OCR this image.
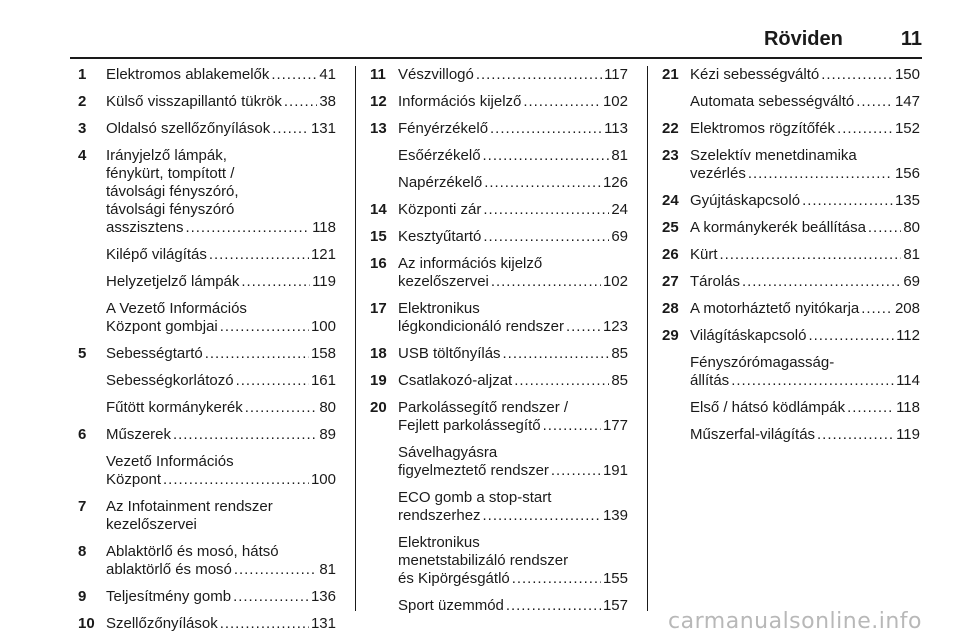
Röviden	11
1	Elektromos ablakemelők . . .	41
2	Külső visszapillantó tükrök . . . 38
3	Oldalsó szellőzőnyílások . . .	131
4	Irányjelző lámpák,
fénykürt, tompított /
távolsági fényszóró,
távolsági fényszóró
asszisztens . . .	118
Kilépő világítás . . .	121
Helyzetjelző lámpák . . .	119
A Vezető Információs
Központ gombjai . . .	100
5	Sebességtartó . . .	158
Sebességkorlátozó . . .	161
Fűtött kormánykerék . . .	80
6	Műszerek . . .	89
Vezető Információs
Központ . . .	100
7	Az Infotainment rendszer
kezelőszervei
8	Ablaktörlő és mosó, hátsó
ablaktörlő és mosó . . .	81
9	Teljesítmény gomb . . .	136
10 Szellőzőnyílások . . .	131
11 Vészvillogó . . .	117
12 Információs kijelző . . .	102
13 Fényérzékelő . . .	113
Esőérzékelő . . .	81
Napérzékelő . . .	126
14 Központi zár . . .	24
15 Kesztyűtartó . . .	69
16 Az információs kijelző
kezelőszervei . . .	102
17 Elektronikus
légkondicionáló rendszer . . .	123
18 USB töltőnyílás . . .	85
19 Csatlakozó-aljzat . . .	85
20 Parkolássegítő rendszer /
Fejlett parkolássegítő . . .	177
Sávelhagyásra
figyelmeztető rendszer . . .	191
ECO gomb a stop-start
rendszerhez . . .	139
Elektronikus
menetstabilizáló rendszer
és Kipörgésgátló . . .	155
Sport üzemmód . . .	157
21 Kézi sebességváltó . . .	150
Automata sebességváltó . . .	147
22 Elektromos rögzítőfék . . .	152
23 Szelektív menetdinamika
vezérlés . . .	156
24 Gyújtáskapcsoló . . .	135
25 A kormánykerék beállítása . . . 80
26 Kürt . . .	81
27 Tárolás . . .	69
28 A motorháztető nyitókarja . . . 208
29 Világításkapcsoló . . .	112
Fényszórómagasság-
állítás . . .	114
Első / hátsó ködlámpák . . .	118
Műszerfal-világítás . . .	119
carmanualsonline.info
